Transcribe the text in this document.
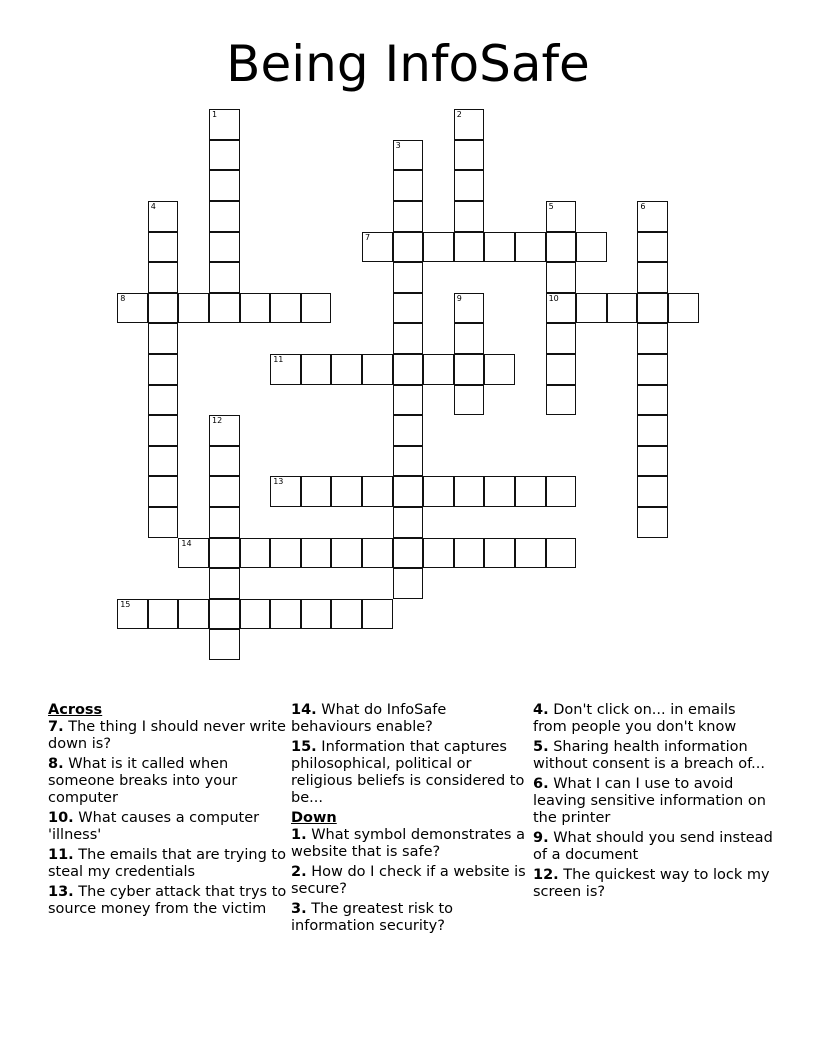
Being InfoSafe
1	2
3
4	5
10
6
7
8	9
11
12
13
14
15
Across
7. The thing I should never write down is?
8. What is it called when someone breaks into your computer
10. What causes a computer 'illness'
11. The emails that are trying to steal my credentials
13. The cyber attack that trys to source money from the victim
14. What do InfoSafe behaviours enable?
15. Information that captures philosophical, political or religious beliefs is considered to be...
Down
1. What symbol demonstrates a website that is safe?
2. How do I check if a website is secure?
3. The greatest risk to information security?
4. Don't click on... in emails from people you don't know
5. Sharing health information without consent is a breach of...
6. What I can I use to avoid leaving sensitive information on the printer
9. What should you send instead of a document
12. The quickest way to lock my screen is?
